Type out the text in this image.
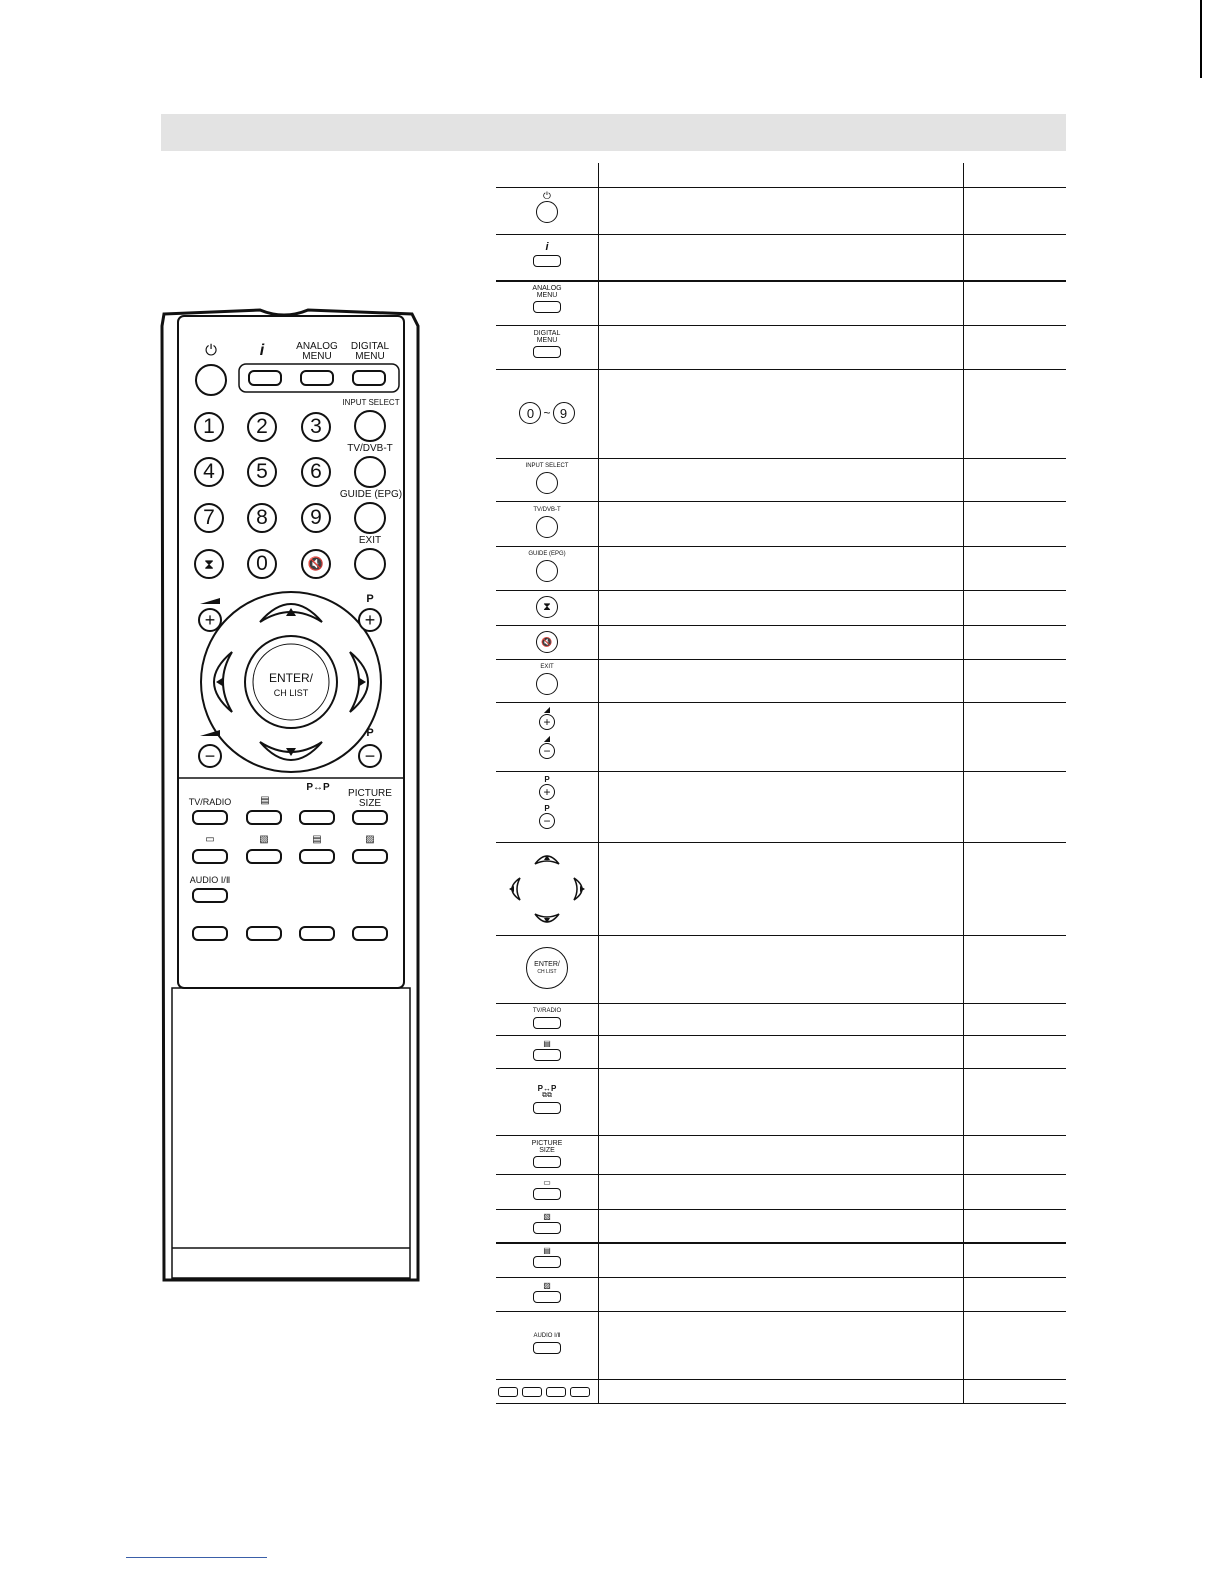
⏻	i	ANALOG
MENU
DIGITAL
MENU
1	2	3
4	5	6
7	8	9
⧗	0	🔇
INPUT SELECT
TV/DVB-T
GUIDE (EPG)
EXIT
+
−
P
+
P
−
ENTER/
CH LIST
TV/RADIO	▤
P↔P
PICTURE
SIZE
▭	▧	▤	▨
AUDIO Ⅰ/Ⅱ
⏻
i
ANALOG
MENU
DIGITAL
MENU
0 ~ 9
INPUT SELECT
TV/DVB-T
GUIDE (EPG)
⧗
🔇
EXIT
◢
+
◢
−
P
+
P
−
ENTER/
CH LIST
TV/RADIO
▤
P↔P
⧉⧉
PICTURE
SIZE
▭
▧
▤
▨
AUDIO Ⅰ/Ⅱ
